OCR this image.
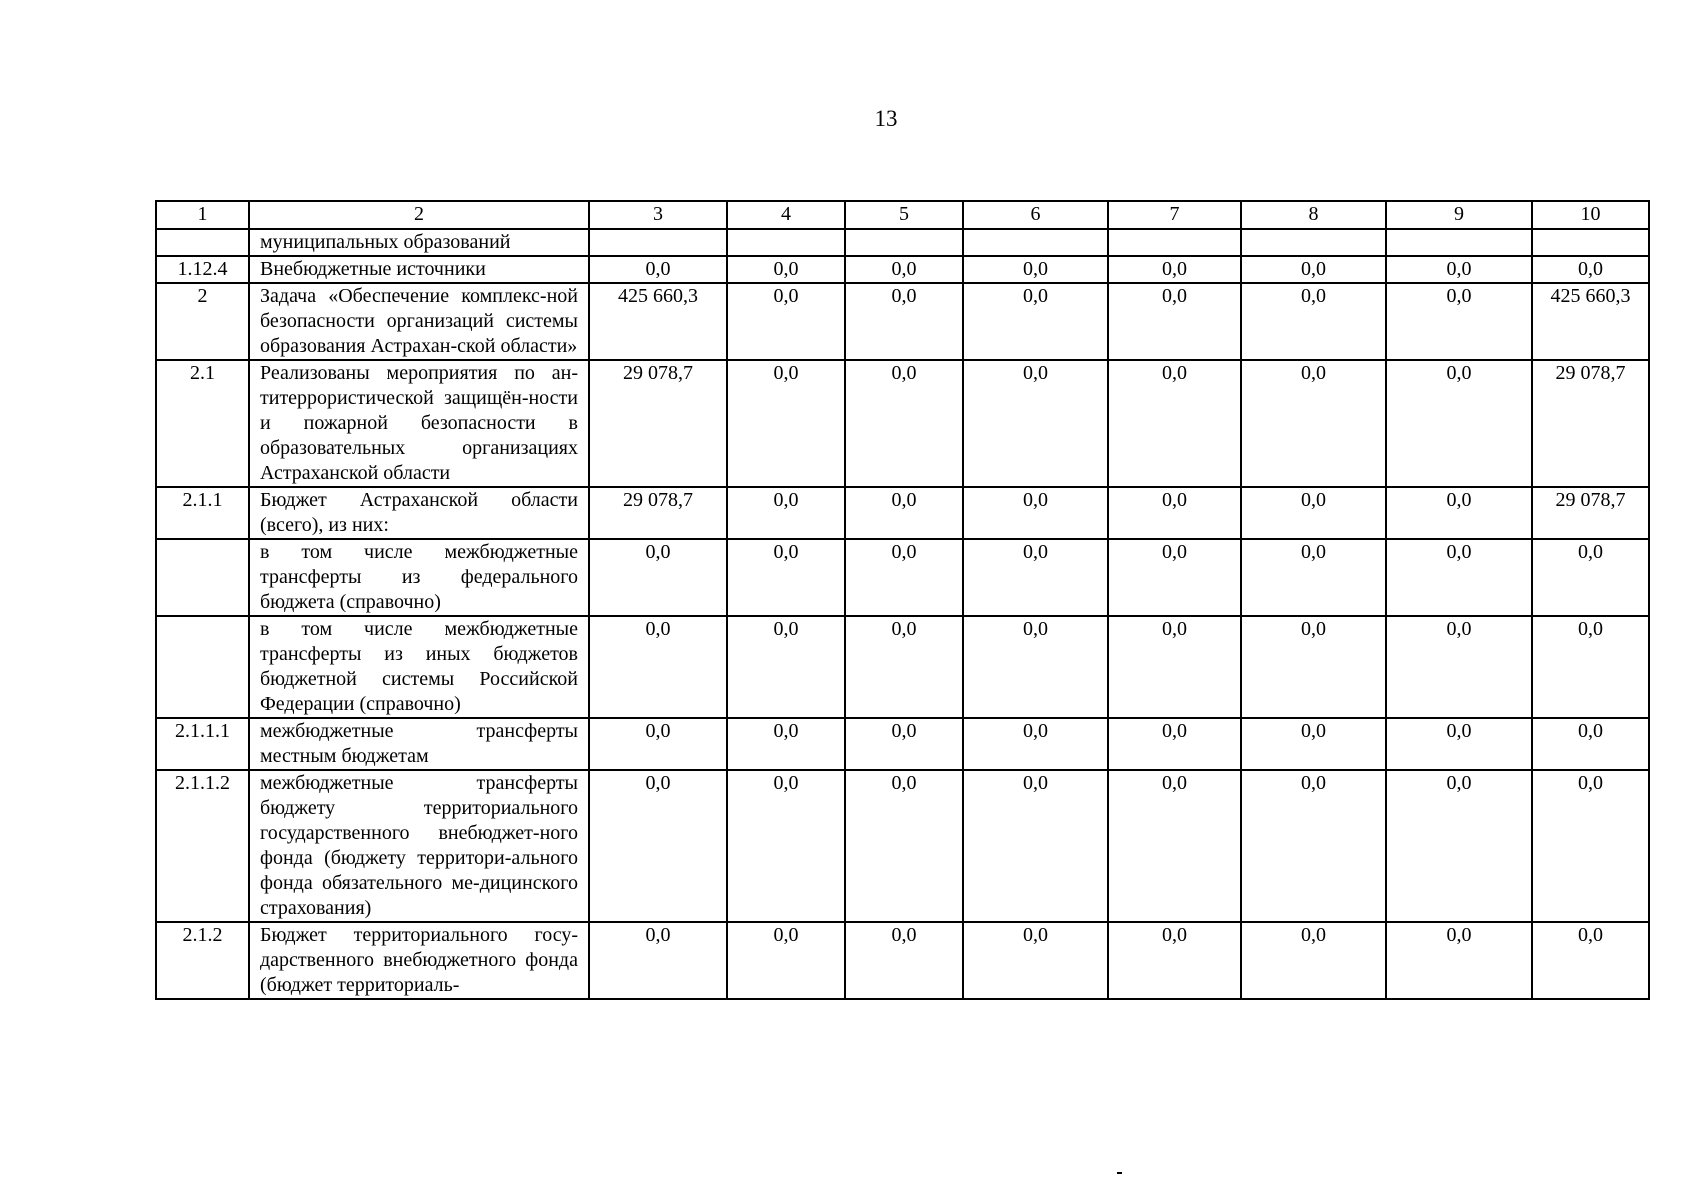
13
1	2	3	4	5	6	7	8	9	10
	муниципальных образований								
1.12.4	Внебюджетные источники	0,0	0,0	0,0	0,0	0,0	0,0	0,0	0,0
2	Задача «Обеспечение комплекс-ной безопасности организаций системы образования Астрахан-ской области»	425 660,3	0,0	0,0	0,0	0,0	0,0	0,0	425 660,3
2.1	Реализованы мероприятия по ан-титеррористической защищён-ности и пожарной безопасности в образовательных организациях Астраханской области	29 078,7	0,0	0,0	0,0	0,0	0,0	0,0	29 078,7
2.1.1	Бюджет Астраханской области (всего), из них:	29 078,7	0,0	0,0	0,0	0,0	0,0	0,0	29 078,7
	в том числе межбюджетные трансферты из федерального бюджета (справочно)	0,0	0,0	0,0	0,0	0,0	0,0	0,0	0,0
	в том числе межбюджетные трансферты из иных бюджетов бюджетной системы Российской Федерации (справочно)	0,0	0,0	0,0	0,0	0,0	0,0	0,0	0,0
2.1.1.1	межбюджетные трансферты местным бюджетам	0,0	0,0	0,0	0,0	0,0	0,0	0,0	0,0
2.1.1.2	межбюджетные трансферты бюджету территориального государственного внебюджет-ного фонда (бюджету территори-ального фонда обязательного ме-дицинского страхования)	0,0	0,0	0,0	0,0	0,0	0,0	0,0	0,0
2.1.2	Бюджет территориального госу-дарственного внебюджетного фонда (бюджет территориаль-	0,0	0,0	0,0	0,0	0,0	0,0	0,0	0,0
